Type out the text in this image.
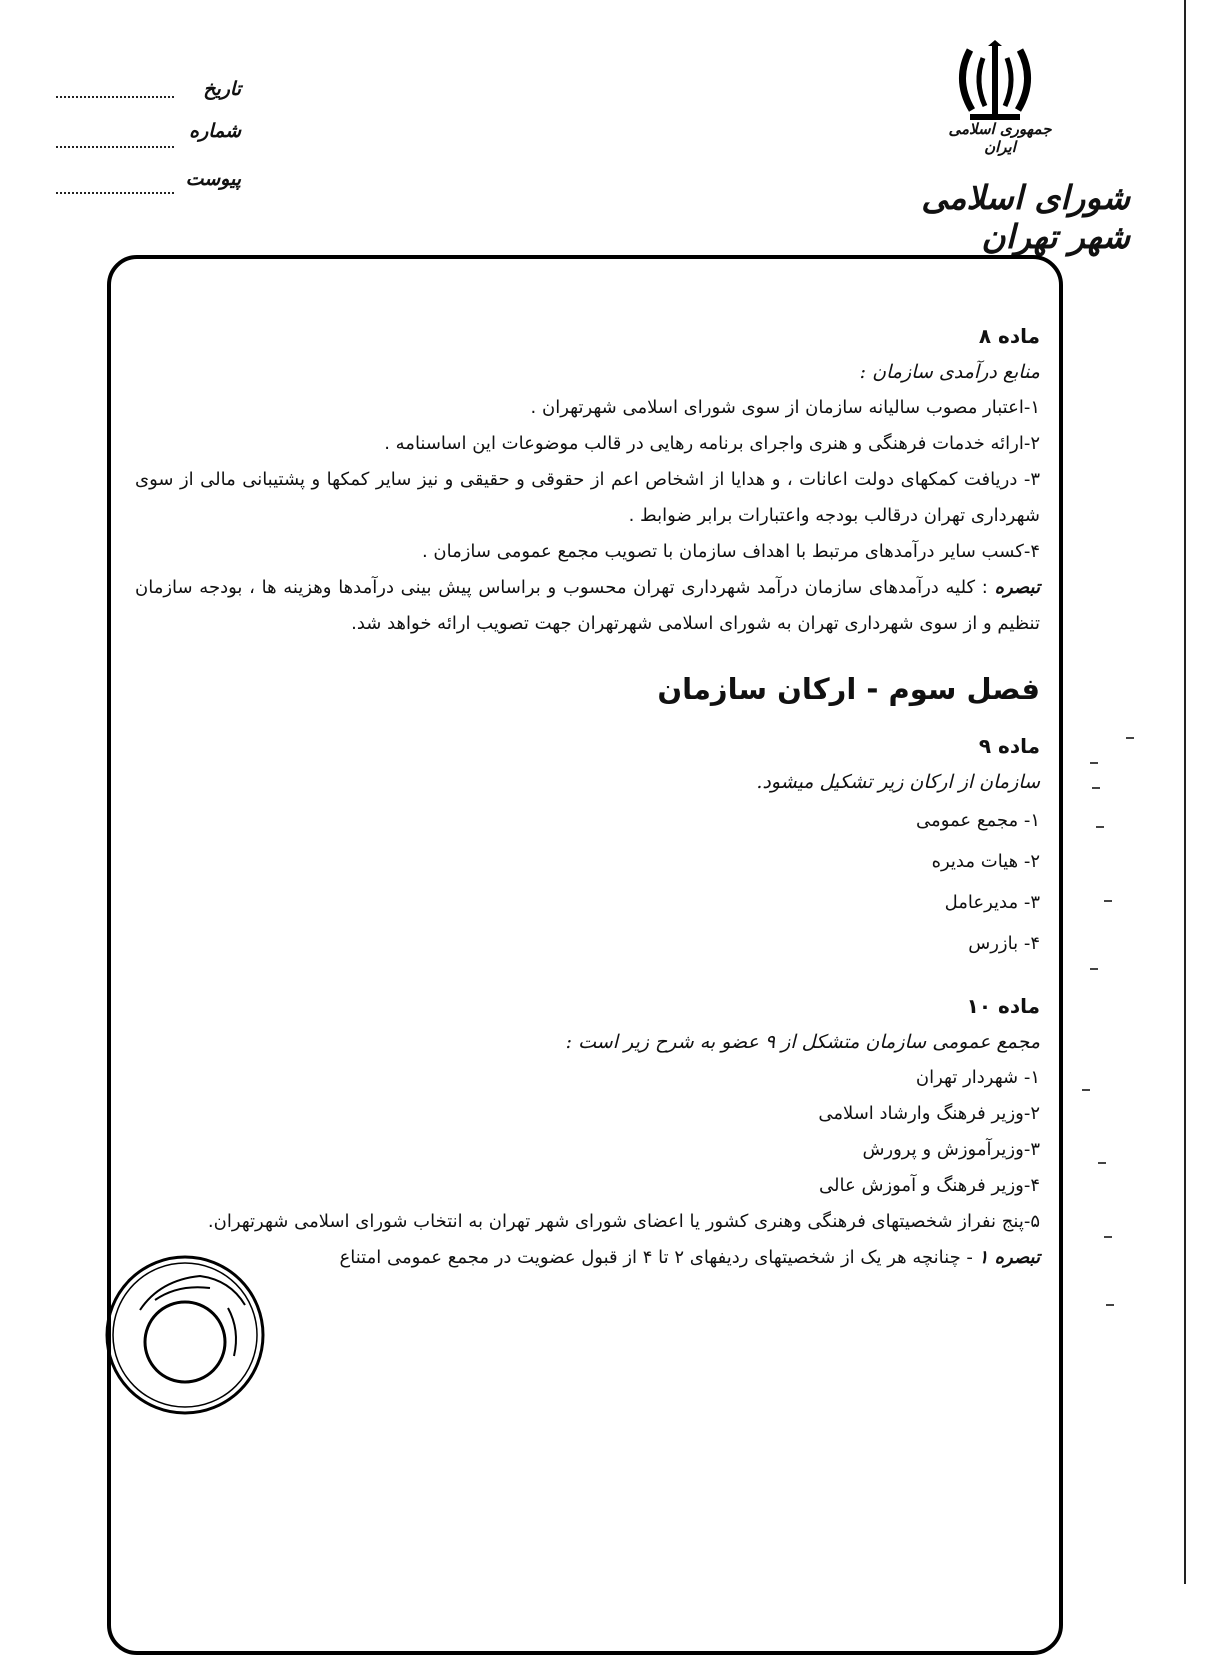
جمهوری اسلامی ایران
شورای اسلامی شهر تهران
تاریخ
شماره
پیوست

ماده ۸

منابع درآمدی سازمان :

۱-اعتبار مصوب سالیانه سازمان از سوی شورای اسلامی شهرتهران .

۲-ارائه خدمات فرهنگی و هنری واجرای برنامه رهایی در قالب موضوعات این اساسنامه .

۳- دریافت کمکهای دولت اعانات ، و هدایا از اشخاص اعم از حقوقی و حقیقی و نیز سایر کمکها و پشتیبانی مالی از سوی شهرداری تهران درقالب بودجه واعتبارات برابر ضوابط .

۴-کسب سایر درآمدهای مرتبط با اهداف سازمان با تصویب مجمع عمومی سازمان .

تبصره : کلیه درآمدهای سازمان درآمد شهرداری تهران محسوب و براساس پیش بینی درآمدها وهزینه ها ، بودجه سازمان تنظیم و از سوی شهرداری تهران به شورای اسلامی شهرتهران جهت تصویب ارائه خواهد شد.

فصل سوم - ارکان سازمان

ماده ۹

سازمان از ارکان زیر تشکیل میشود.

۱- مجمع عمومی

۲- هیات مدیره

۳- مدیرعامل

۴- بازرس

ماده ۱۰

مجمع عمومی سازمان متشکل از ۹ عضو به شرح زیر است :

۱- شهردار تهران

۲-وزیر فرهنگ وارشاد اسلامی

۳-وزیرآموزش و پرورش

۴-وزیر فرهنگ و آموزش عالی

۵-پنج نفراز شخصیتهای فرهنگی وهنری کشور یا اعضای شورای شهر تهران به انتخاب شورای اسلامی شهرتهران.

تبصره ۱ - چنانچه هر یک از شخصیتهای ردیفهای ۲ تا ۴ از قبول عضویت در مجمع عمومی امتناع
